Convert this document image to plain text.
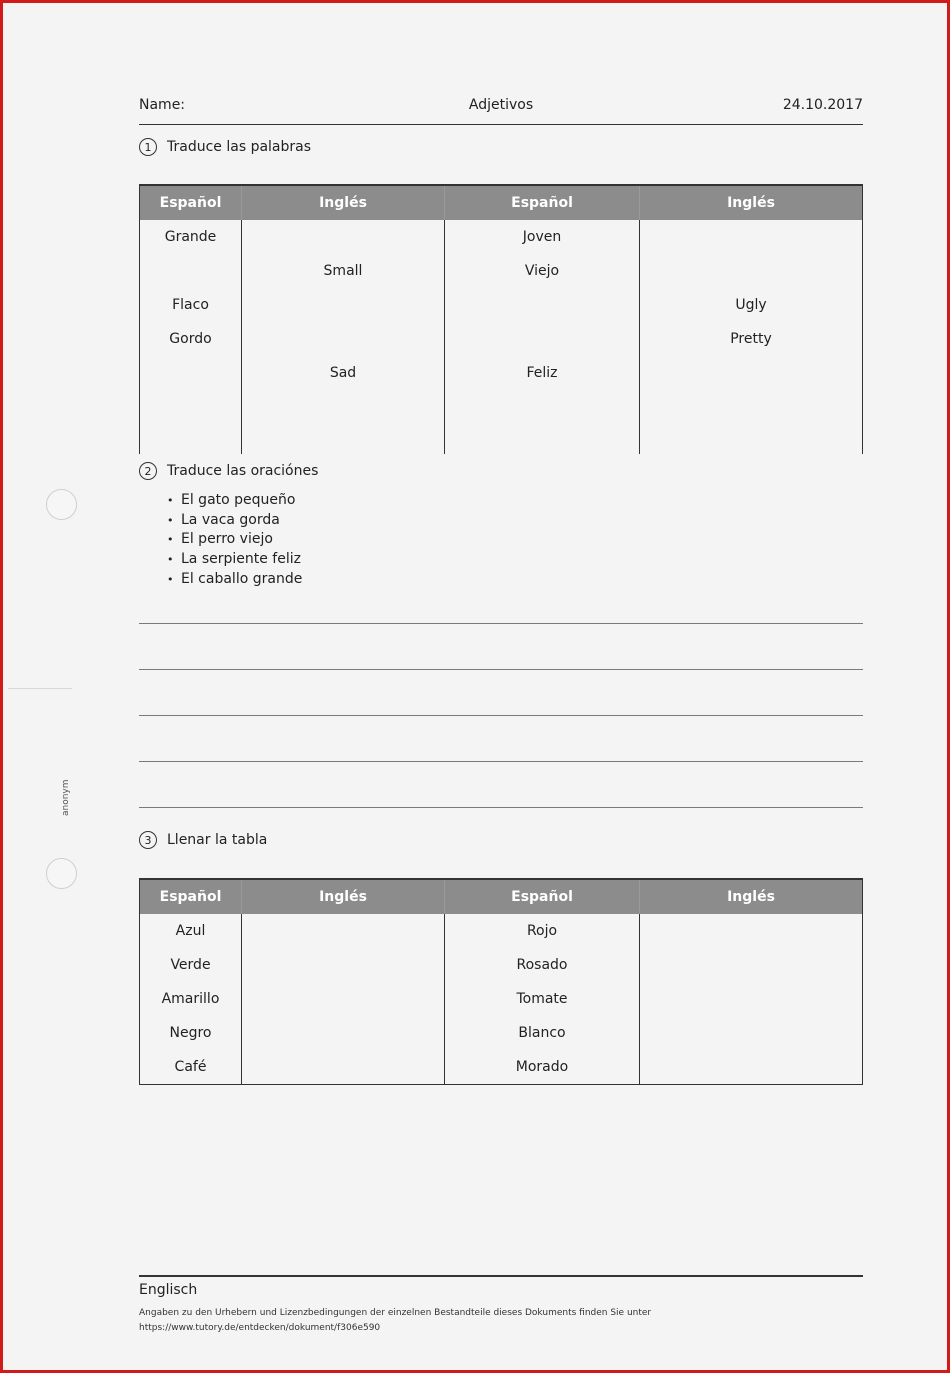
anonym
Name:	Adjetivos	24.10.2017
1	Traduce las palabras
Español	Inglés	Español	Inglés
Grande		Joven	
	Small	Viejo	
Flaco			Ugly
Gordo			Pretty
	Sad	Feliz	

2	Traduce las oraciónes
• El gato pequeño
• La vaca gorda
• El perro viejo
• La serpiente feliz
• El caballo grande
3	Llenar la tabla
Español	Inglés	Español	Inglés
Azul		Rojo	
Verde		Rosado	
Amarillo		Tomate	
Negro		Blanco	
Café		Morado	
Englisch
Angaben zu den Urhebern und Lizenzbedingungen der einzelnen Bestandteile dieses Dokuments finden Sie unter
https://www.tutory.de/entdecken/dokument/f306e590
